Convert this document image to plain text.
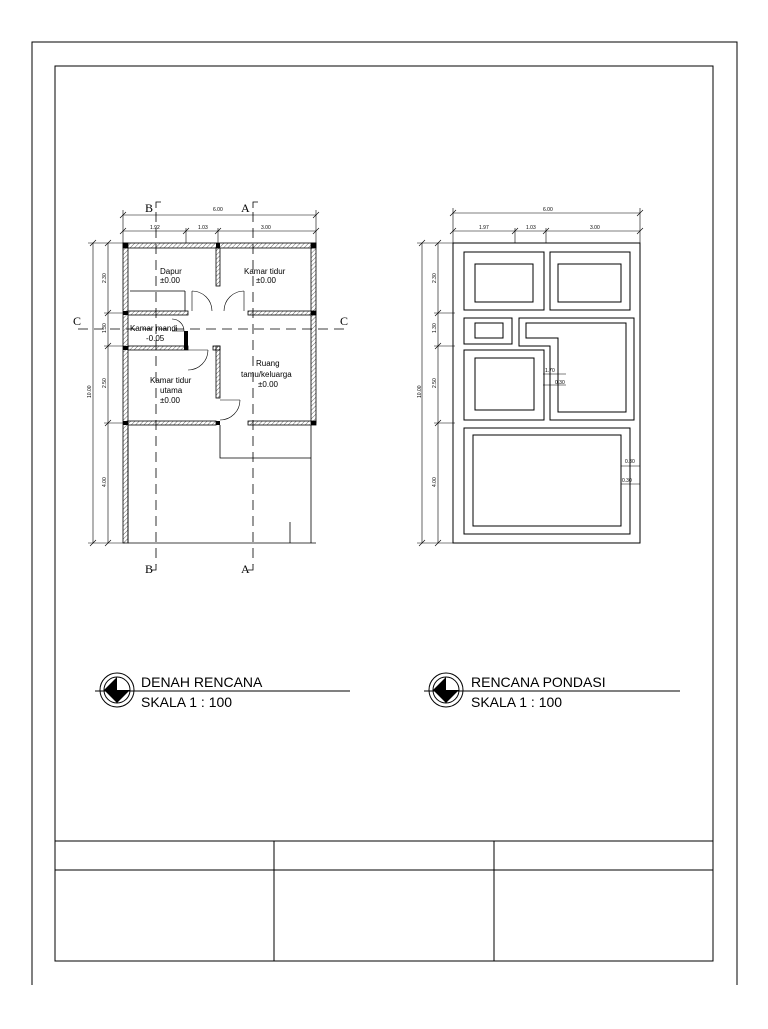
6.00
1.92	1.03	3.00
2.30
1.30
2.50
4.00
10.00
B	A
B	A
C	C
Dapur
±0.00
Kamar tidur
±0.00
Kamar mandi
-0.05
Kamar tidur
utama
±0.00
Ruang
tamu/keluarga
±0.00
6.00
1.97	1.03	3.00
2.30
1.30
2.50
4.00
10.00
1.70
0.30
0.30
0.30
DENAH RENCANA
SKALA 1 : 100
RENCANA PONDASI
SKALA 1 : 100
